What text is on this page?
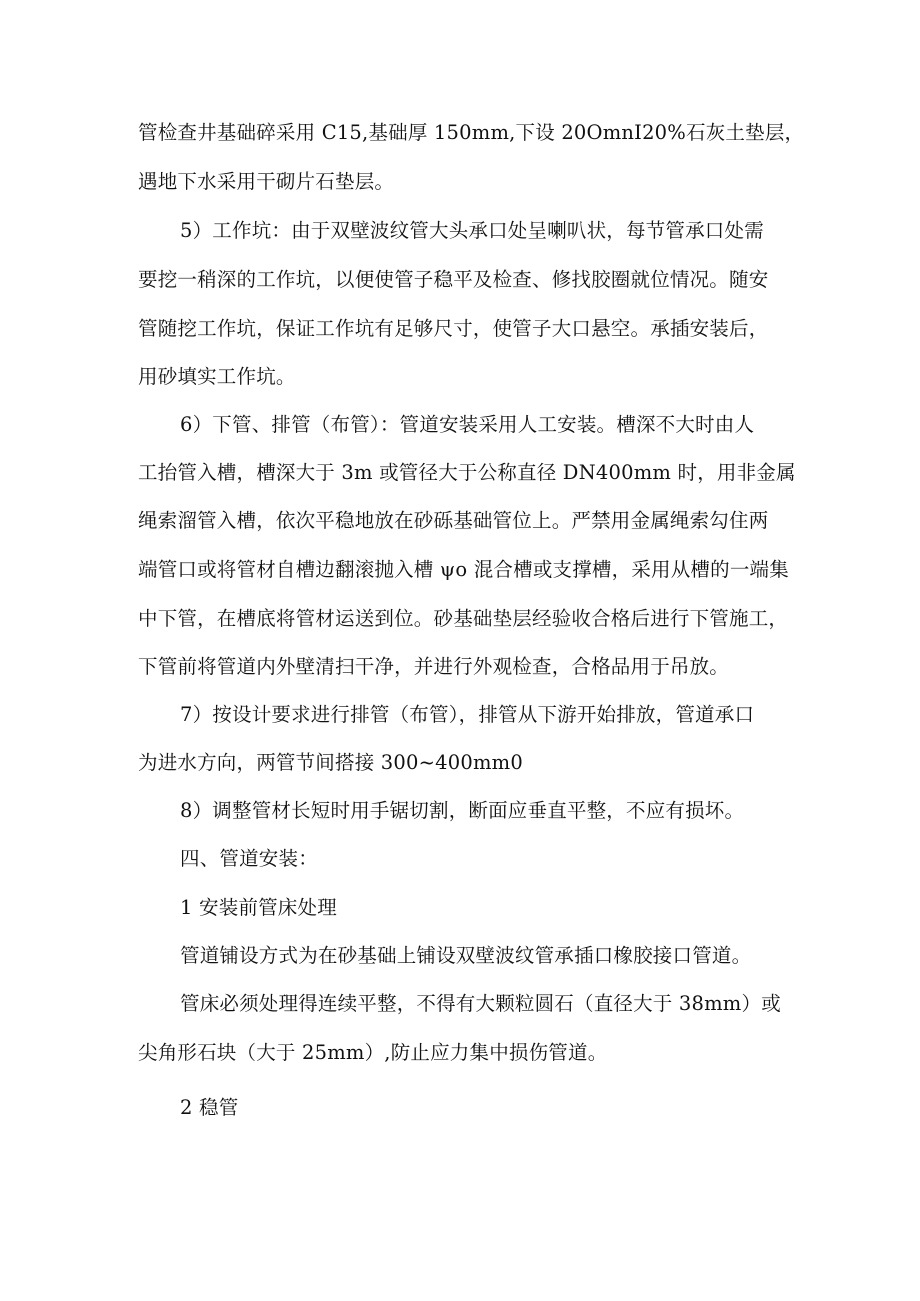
管检查井基础碎采用 C15,基础厚 150mm,下设 20OmnI20%石灰土垫层，

遇地下水采用干砌片石垫层。

5）工作坑：由于双壁波纹管大头承口处呈喇叭状，每节管承口处需

要挖一稍深的工作坑，以便使管子稳平及检查、修找胶圈就位情况。随安

管随挖工作坑，保证工作坑有足够尺寸，使管子大口悬空。承插安装后，

用砂填实工作坑。

6）下管、排管（布管）：管道安装采用人工安装。槽深不大时由人

工抬管入槽，槽深大于 3m 或管径大于公称直径 DN400mm 时，用非金属

绳索溜管入槽，依次平稳地放在砂砾基础管位上。严禁用金属绳索勾住两

端管口或将管材自槽边翻滚抛入槽 ψo 混合槽或支撑槽，采用从槽的一端集

中下管，在槽底将管材运送到位。砂基础垫层经验收合格后进行下管施工，

下管前将管道内外壁清扫干净，并进行外观检查，合格品用于吊放。

7）按设计要求进行排管（布管），排管从下游开始排放，管道承口

为进水方向，两管节间搭接 300~400mm0

8）调整管材长短时用手锯切割，断面应垂直平整，不应有损坏。

四、管道安装：

1 安装前管床处理

管道铺设方式为在砂基础上铺设双壁波纹管承插口橡胶接口管道。

管床必须处理得连续平整，不得有大颗粒圆石（直径大于 38mm）或

尖角形石块（大于 25mm）,防止应力集中损伤管道。

2 稳管
